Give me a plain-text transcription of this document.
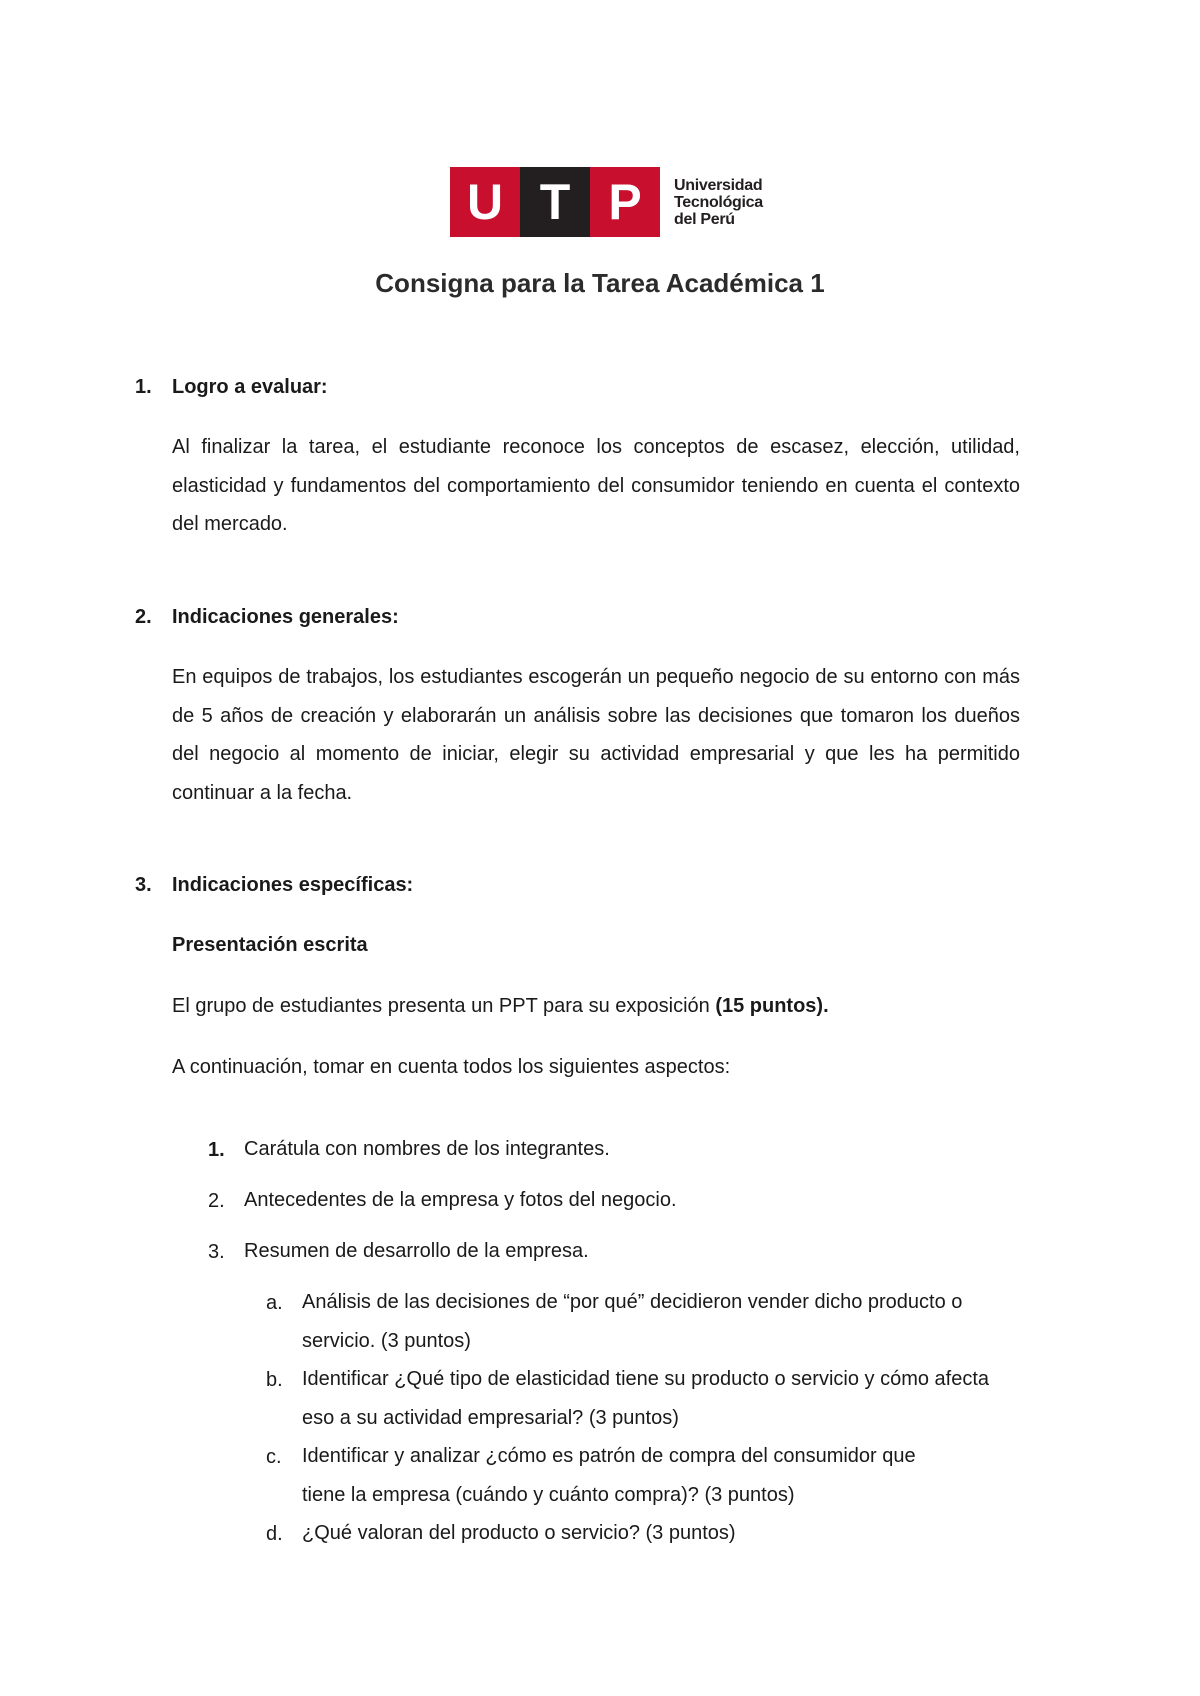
U T P	Universidad
Tecnológica
del Perú
Consigna para la Tarea Académica 1
1. Logro a evaluar:
Al finalizar la tarea, el estudiante reconoce los conceptos de escasez, elección, utilidad, elasticidad y fundamentos del comportamiento del consumidor teniendo en cuenta el contexto del mercado.
2. Indicaciones generales:
En equipos de trabajos, los estudiantes escogerán un pequeño negocio de su entorno con más de 5 años de creación y elaborarán un análisis sobre las decisiones que tomaron los dueños del negocio al momento de iniciar, elegir su actividad empresarial y que les ha permitido continuar a la fecha.
3. Indicaciones específicas:
Presentación escrita
El grupo de estudiantes presenta un PPT para su exposición (15 puntos).
A continuación, tomar en cuenta todos los siguientes aspectos:
1. Carátula con nombres de los integrantes.
2. Antecedentes de la empresa y fotos del negocio.
3. Resumen de desarrollo de la empresa.
a. Análisis de las decisiones de “por qué” decidieron vender dicho producto o servicio. (3 puntos)
b. Identificar ¿Qué tipo de elasticidad tiene su producto o servicio y cómo afecta eso a su actividad empresarial? (3 puntos)
c. Identificar y analizar ¿cómo es patrón de compra del consumidor que tiene la empresa (cuándo y cuánto compra)? (3 puntos)
d. ¿Qué valoran del producto o servicio? (3 puntos)
